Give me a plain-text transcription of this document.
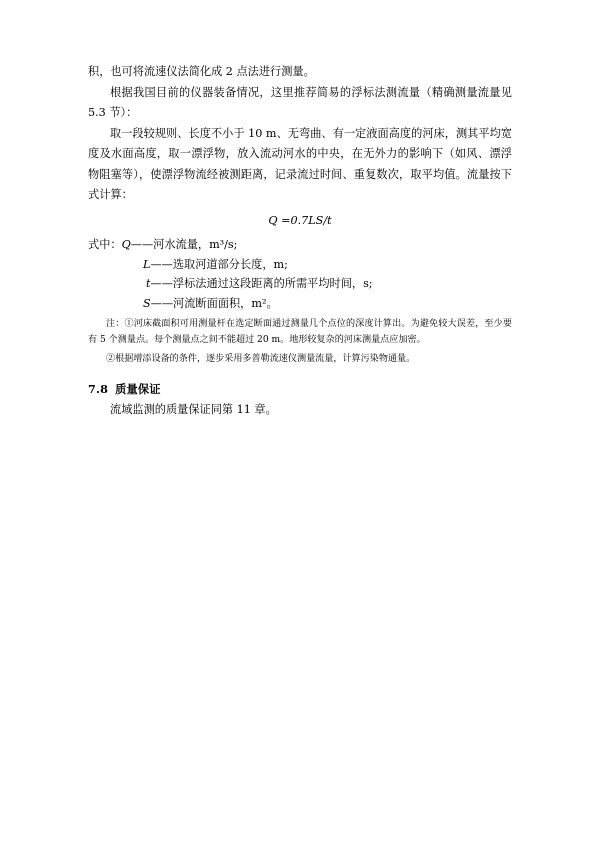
积，也可将流速仪法简化成 2 点法进行测量。

根据我国目前的仪器装备情况，这里推荐简易的浮标法测流量（精确测量流量见 5.3 节）：

取一段较规则、长度不小于 10 m、无弯曲、有一定液面高度的河床，测其平均宽度及水面高度，取一漂浮物，放入流动河水的中央，在无外力的影响下（如风、漂浮物阻塞等），使漂浮物流经被测距离，记录流过时间、重复数次，取平均值。流量按下式计算：

Q =0.7LS/t
式中：Q——河水流量，m³/s;
L——选取河道部分长度，m;
t——浮标法通过这段距离的所需平均时间，s;
S——河流断面面积，m²。
注：①河床截面积可用测量杆在选定断面通过测量几个点位的深度计算出。为避免较大误差，至少要有 5 个测量点。每个测量点之间不能超过 20 m。地形较复杂的河床测量点应加密。
②根据增添设备的条件，逐步采用多普勒流速仪测量流量，计算污染物通量。
7.8 质量保证

流域监测的质量保证同第 11 章。
